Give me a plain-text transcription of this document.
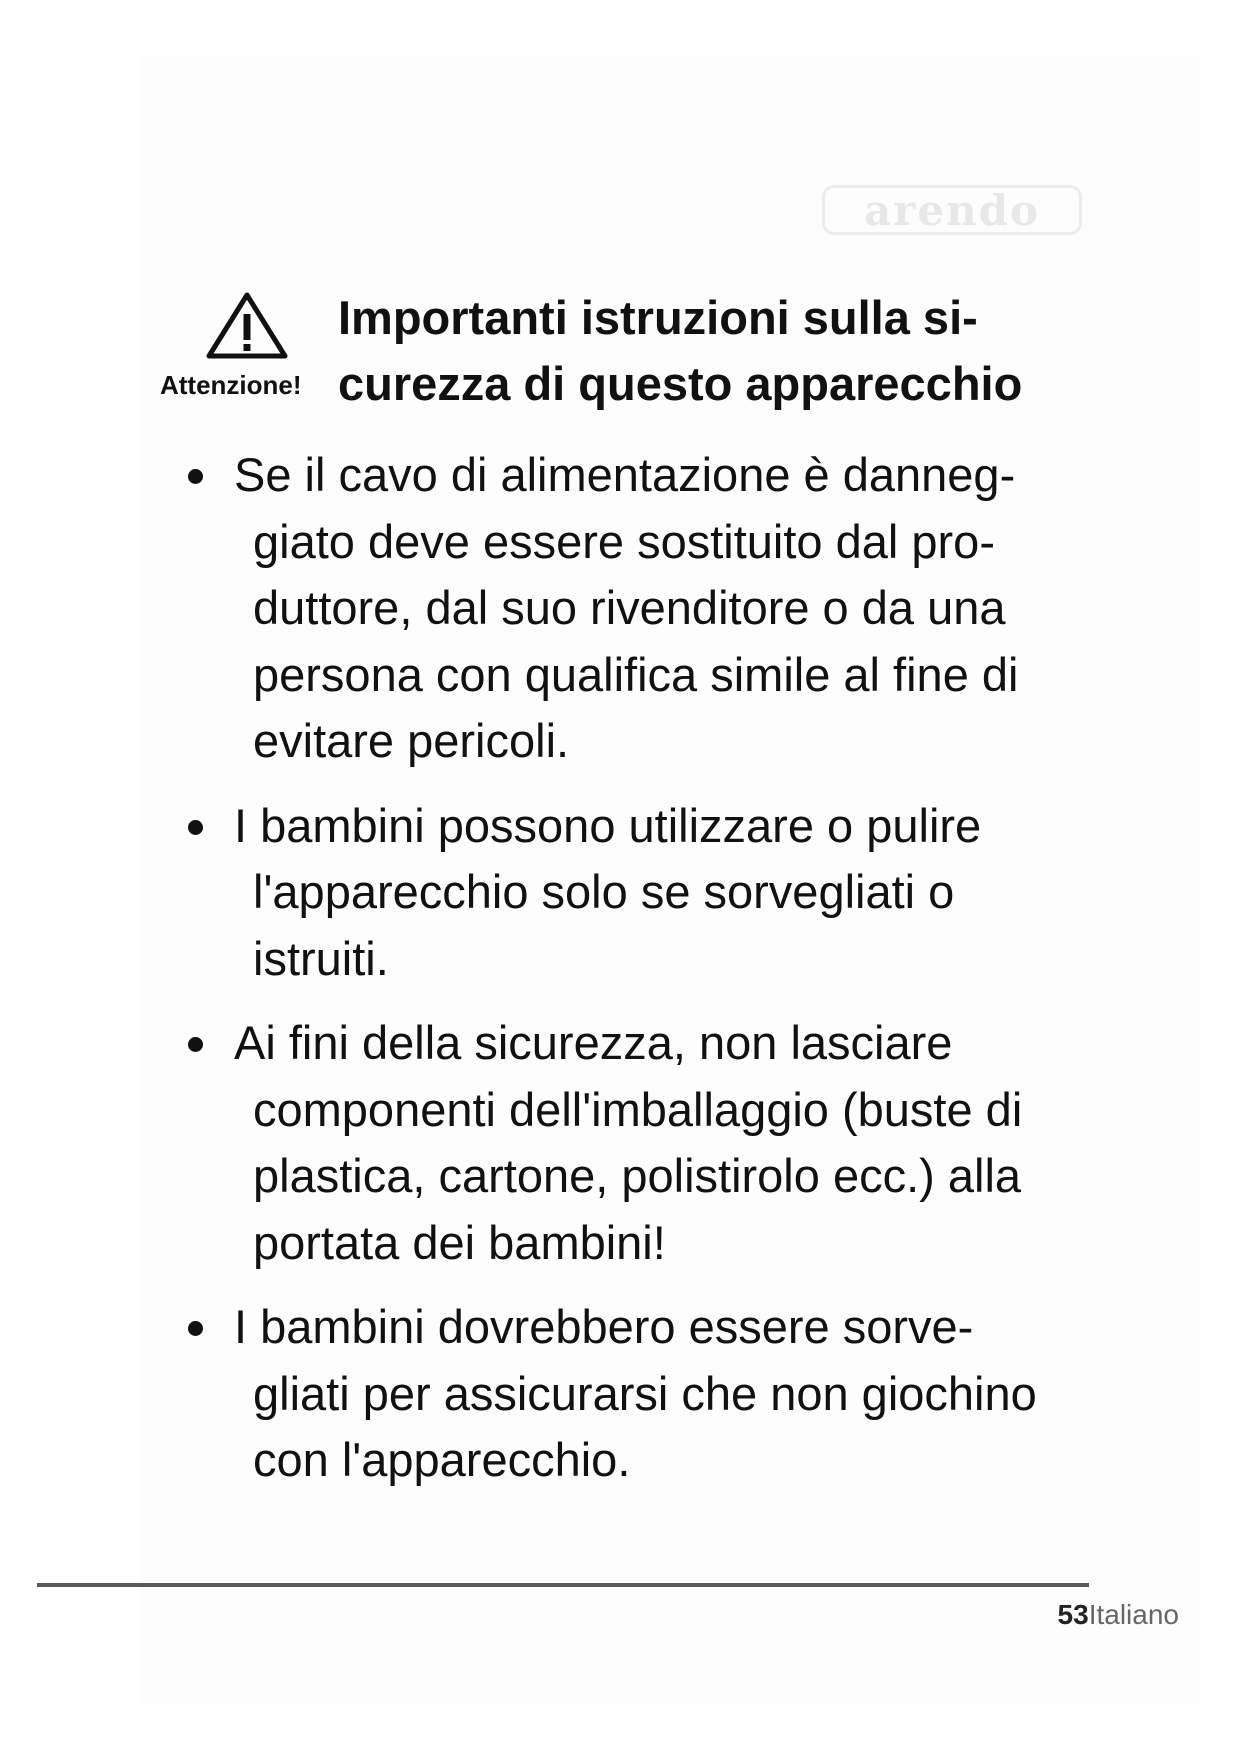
arendo
Attenzione!
Importanti istruzioni sulla si-
curezza di questo apparecchio
Se il cavo di alimentazione è danneg-
giato deve essere sostituito dal pro-
duttore, dal suo rivenditore o da una
persona con qualifica simile al fine di
evitare pericoli.
I bambini possono utilizzare o pulire
l'apparecchio solo se sorvegliati o
istruiti.
Ai fini della sicurezza, non lasciare
componenti dell'imballaggio (buste di
plastica, cartone, polistirolo ecc.) alla
portata dei bambini!
I bambini dovrebbero essere sorve-
gliati per assicurarsi che non giochino
con l'apparecchio.
53Italiano
